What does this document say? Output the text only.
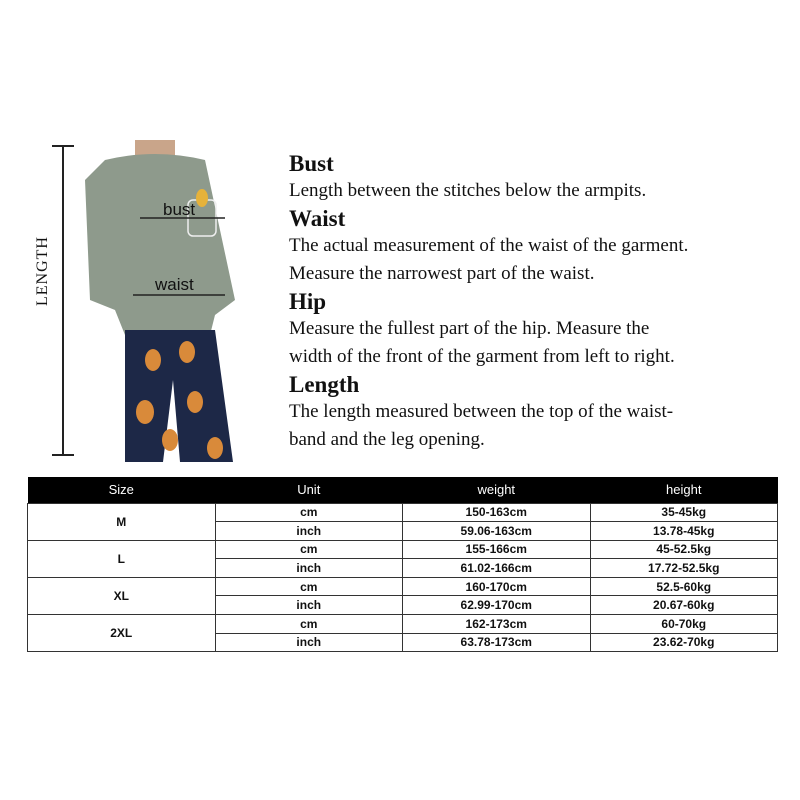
LENGTH
bust
waist
Bust

Length between the stitches below the armpits.

Waist

The actual measurement of the waist of the garment.

Measure the narrowest part of the waist.

Hip

Measure the fullest part of the hip. Measure the

width of the front of the garment from left to right.

Length

The length measured between the top of the waist-

band and the leg opening.

Size	Unit	weight	height
M	cm	150-163cm	35-45kg
	inch	59.06-163cm	13.78-45kg
L	cm	155-166cm	45-52.5kg
	inch	61.02-166cm	17.72-52.5kg
XL	cm	160-170cm	52.5-60kg
	inch	62.99-170cm	20.67-60kg
2XL	cm	162-173cm	60-70kg
	inch	63.78-173cm	23.62-70kg
